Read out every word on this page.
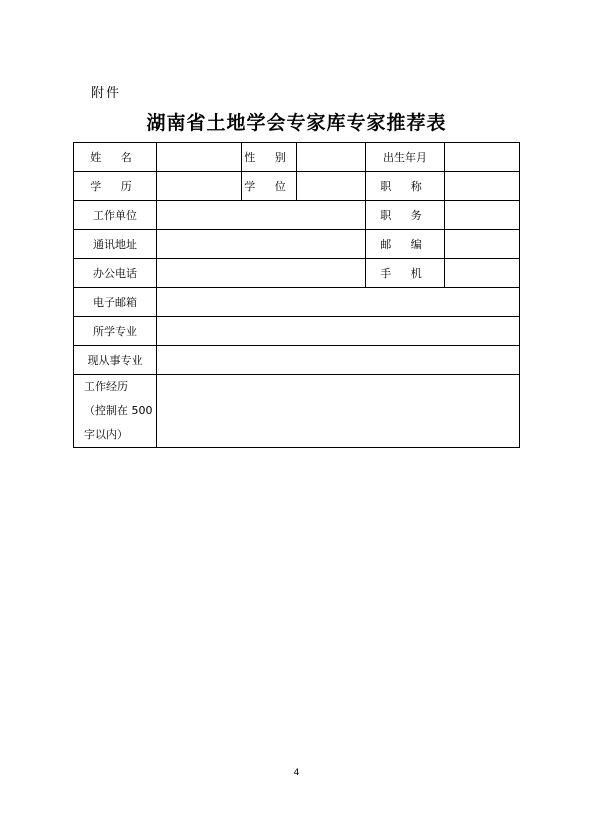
附件
湖南省土地学会专家库专家推荐表
姓 名		性 别		出生年月	
学 历		学 位		职 称	
工作单位				职 务	
通讯地址				邮 编	
办公电话				手 机	
电子邮箱					
所学专业					
现从事专业					

工作经历
（控制在 500
字以内）					

4
